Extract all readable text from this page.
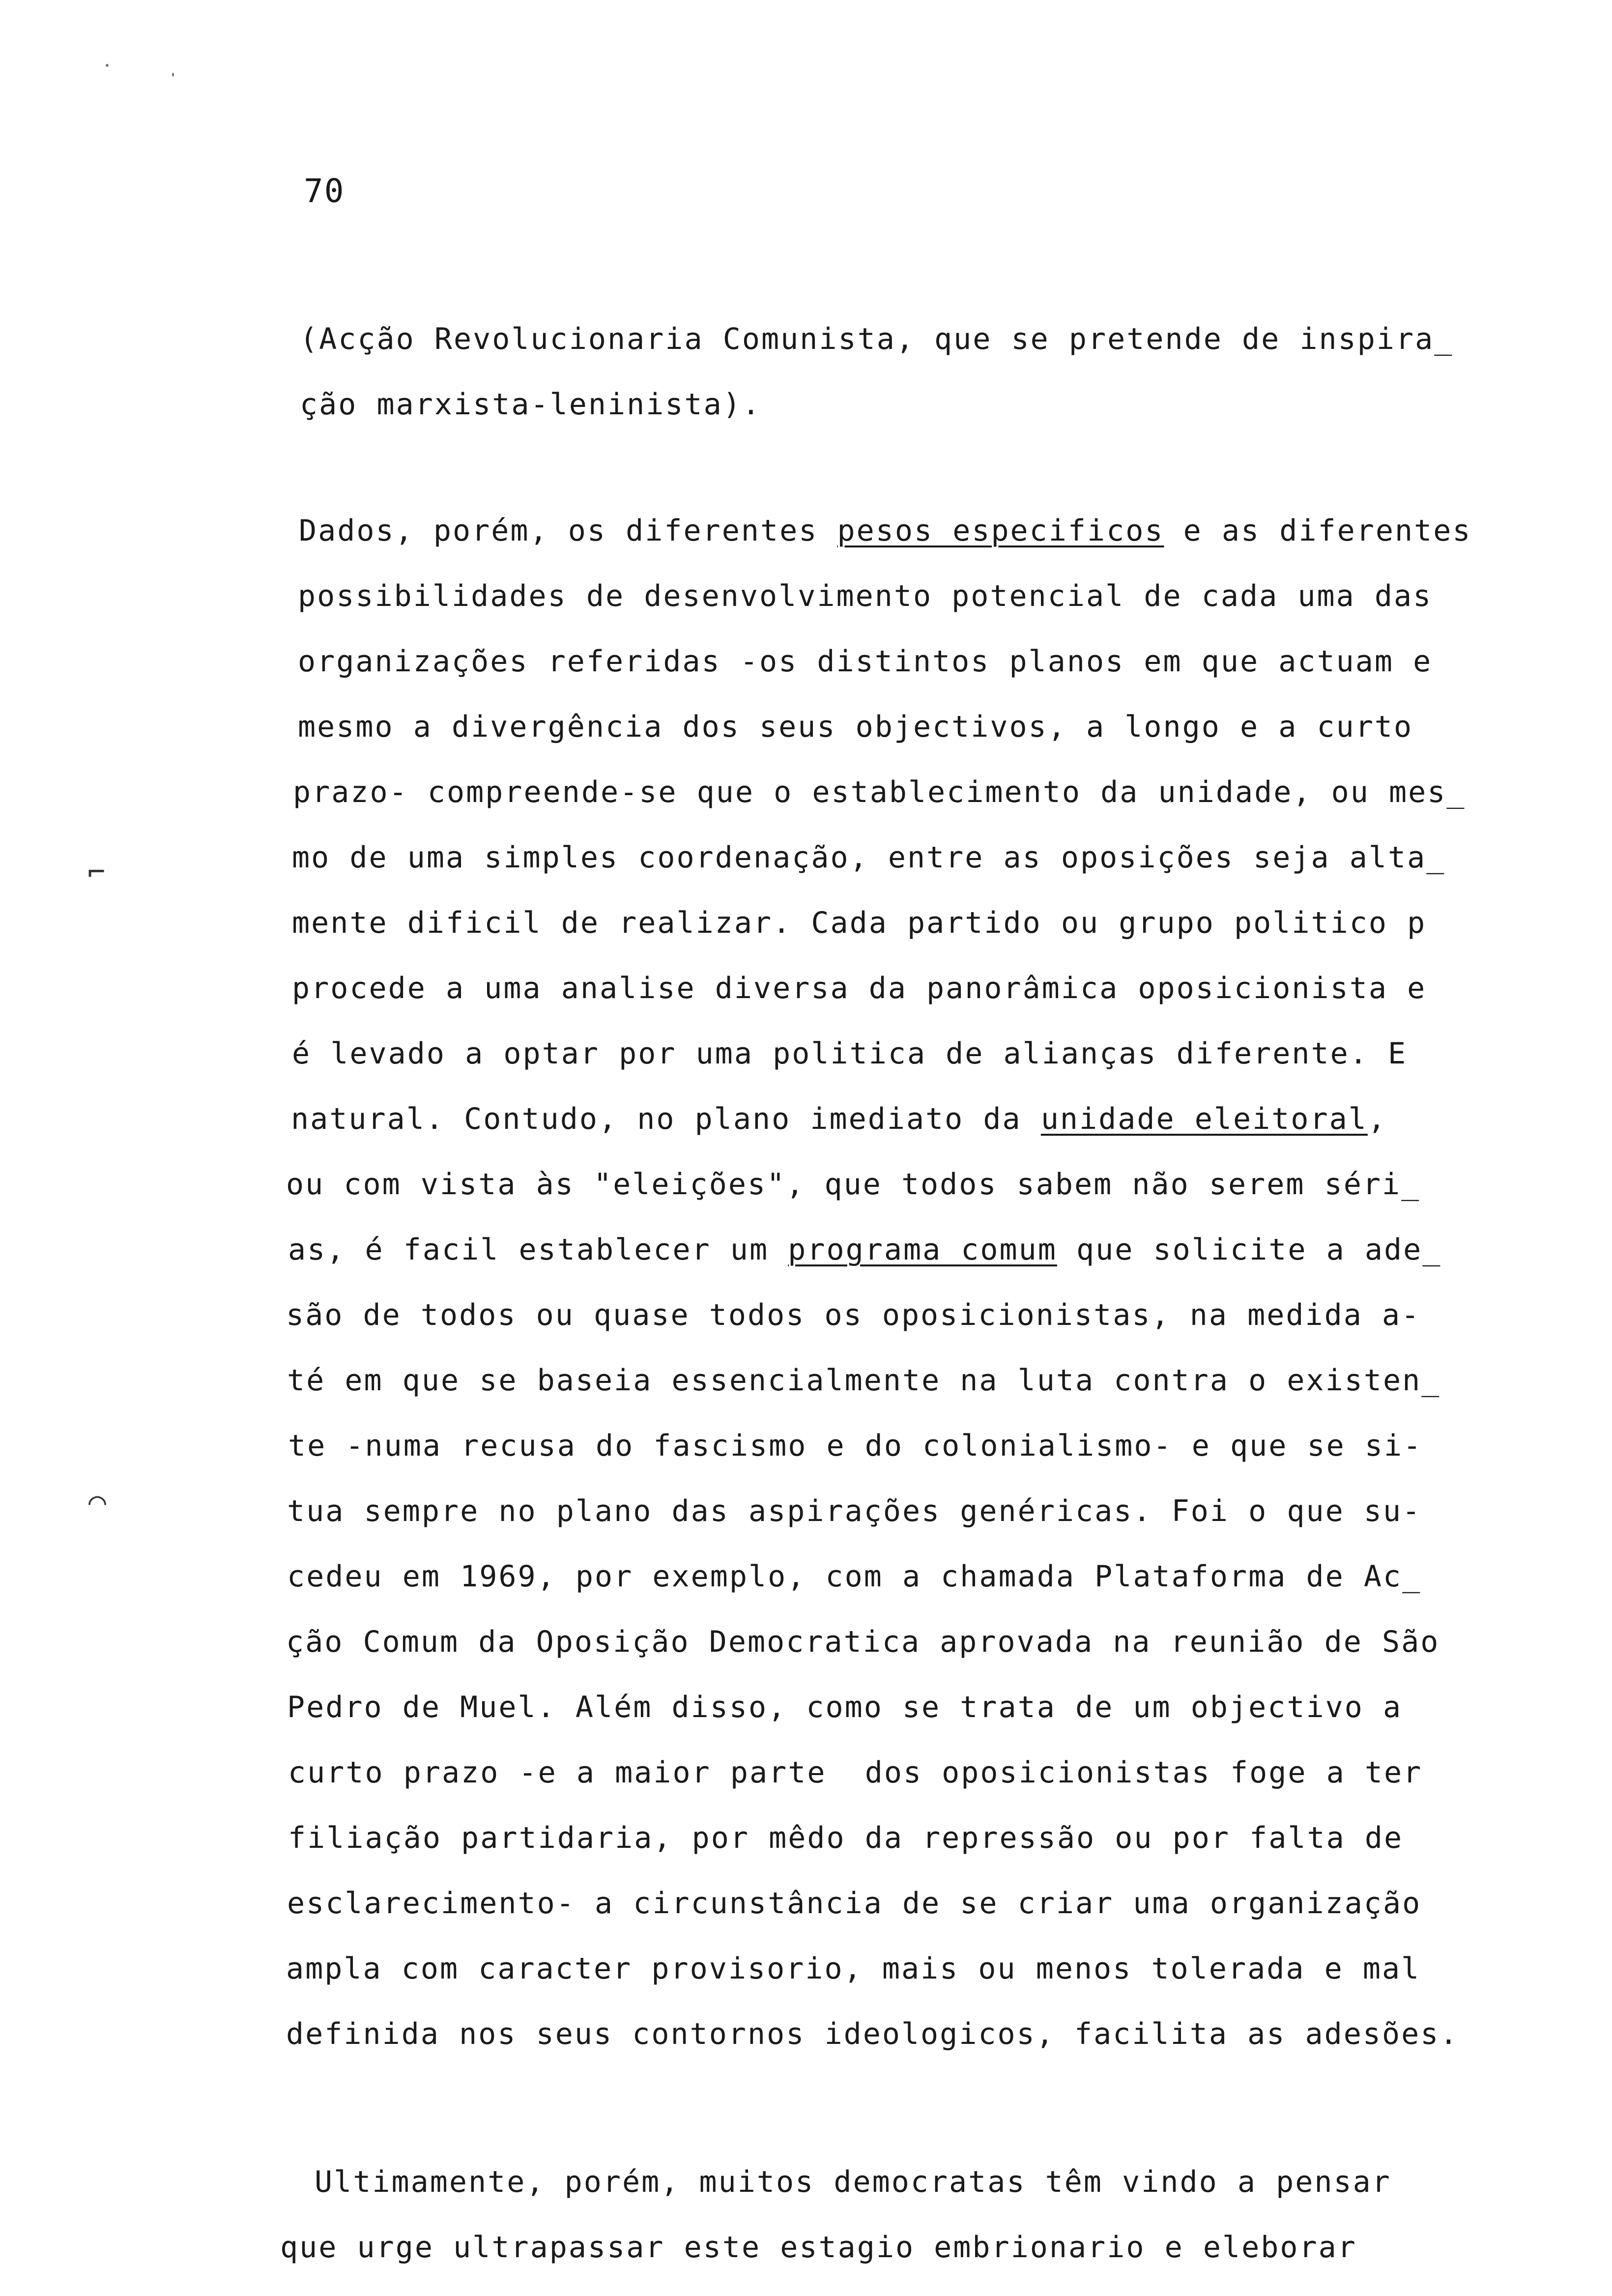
70
⌐
⌒
(Acção Revolucionaria Comunista, que se pretende de inspira_
ção marxista-leninista).
Dados, porém, os diferentes pesos especificos e as diferentes
possibilidades de desenvolvimento potencial de cada uma das
organizações referidas -os distintos planos em que actuam e
mesmo a divergência dos seus objectivos, a longo e a curto
prazo- compreende-se que o establecimento da unidade, ou mes_
mo de uma simples coordenação, entre as oposições seja alta_
mente dificil de realizar. Cada partido ou grupo politico p
procede a uma analise diversa da panorâmica oposicionista e
é levado a optar por uma politica de alianças diferente. E
natural. Contudo, no plano imediato da unidade eleitoral,
ou com vista às "eleições", que todos sabem não serem séri_
as, é facil establecer um programa comum que solicite a ade_
são de todos ou quase todos os oposicionistas, na medida a-
té em que se baseia essencialmente na luta contra o existen_
te -numa recusa do fascismo e do colonialismo- e que se si-
tua sempre no plano das aspirações genéricas. Foi o que su-
cedeu em 1969, por exemplo, com a chamada Plataforma de Ac_
ção Comum da Oposição Democratica aprovada na reunião de São
Pedro de Muel. Além disso, como se trata de um objectivo a
curto prazo -e a maior parte  dos oposicionistas foge a ter
filiação partidaria, por mêdo da repressão ou por falta de
esclarecimento- a circunstância de se criar uma organização
ampla com caracter provisorio, mais ou menos tolerada e mal
definida nos seus contornos ideologicos, facilita as adesões.
Ultimamente, porém, muitos democratas têm vindo a pensar
que urge ultrapassar este estagio embrionario e eleborar
